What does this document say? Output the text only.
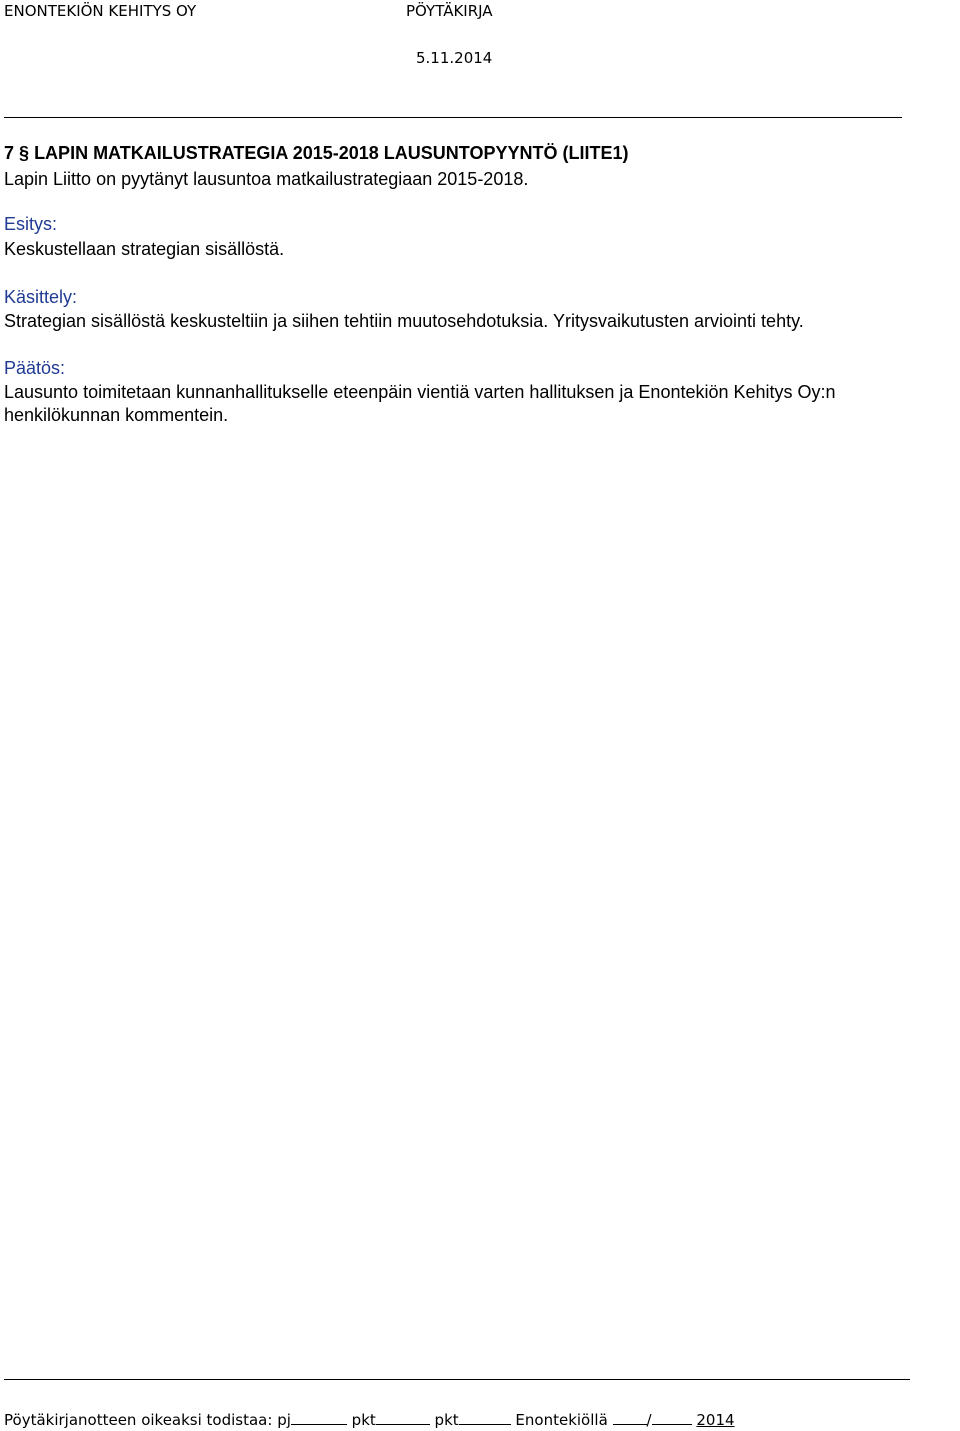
ENONTEKIÖN KEHITYS OY	PÖYTÄKIRJA
5.11.2014
7 § LAPIN MATKAILUSTRATEGIA 2015-2018 LAUSUNTOPYYNTÖ (LIITE1)
Lapin Liitto on pyytänyt lausuntoa matkailustrategiaan 2015-2018.
Esitys:
Keskustellaan strategian sisällöstä.
Käsittely:
Strategian sisällöstä keskusteltiin ja siihen tehtiin muutosehdotuksia. Yritysvaikutusten arviointi tehty.
Päätös:
Lausunto toimitetaan kunnanhallitukselle eteenpäin vientiä varten hallituksen ja Enontekiön Kehitys Oy:n
henkilökunnan kommentein.
Pöytäkirjanotteen oikeaksi todistaa: pj	pkt	pkt	Enontekiöllä	/	2014
